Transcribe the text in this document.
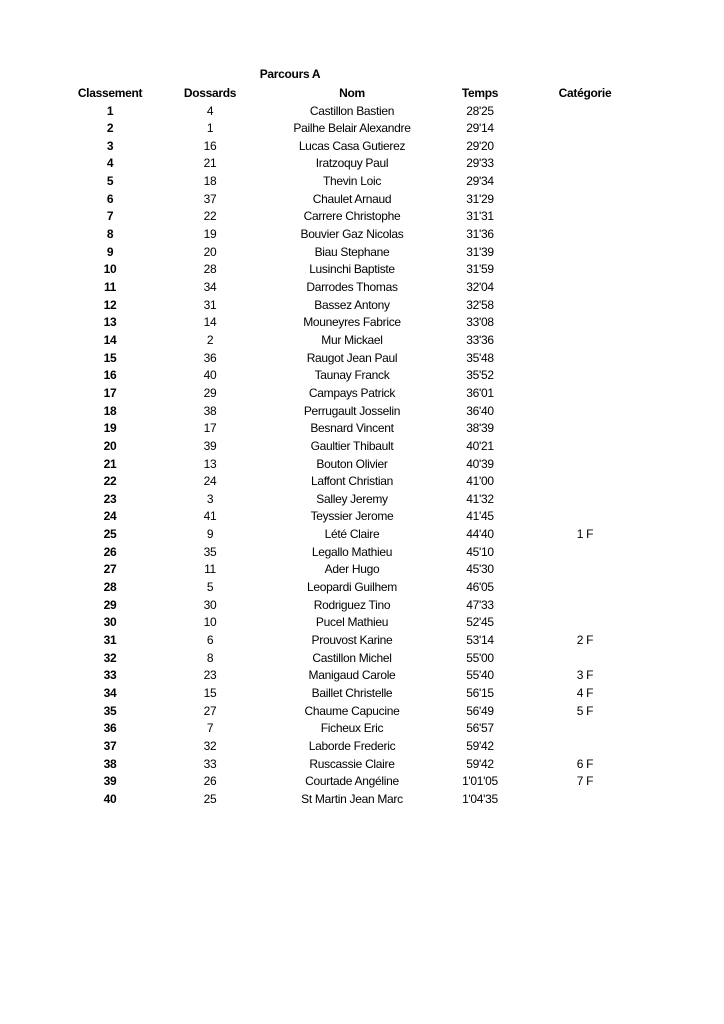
Parcours A
Classement	Dossards	Nom	Temps	Catégorie
1	4	Castillon Bastien	28'25
2	1	Pailhe Belair Alexandre	29'14
3	16	Lucas Casa Gutierez	29'20
4	21	Iratzoquy Paul	29'33
5	18	Thevin Loic	29'34
6	37	Chaulet Arnaud	31'29
7	22	Carrere Christophe	31'31
8	19	Bouvier Gaz Nicolas	31'36
9	20	Biau Stephane	31'39
10	28	Lusinchi Baptiste	31'59
11	34	Darrodes Thomas	32'04
12	31	Bassez Antony	32'58
13	14	Mouneyres Fabrice	33'08
14	2	Mur Mickael	33'36
15	36	Raugot Jean Paul	35'48
16	40	Taunay Franck	35'52
17	29	Campays Patrick	36'01
18	38	Perrugault Josselin	36'40
19	17	Besnard Vincent	38'39
20	39	Gaultier Thibault	40'21
21	13	Bouton Olivier	40'39
22	24	Laffont Christian	41'00
23	3	Salley Jeremy	41'32
24	41	Teyssier Jerome	41'45
25	9	Lété Claire	44'40	1 F
26	35	Legallo Mathieu	45'10
27	11	Ader Hugo	45'30
28	5	Leopardi Guilhem	46'05
29	30	Rodriguez Tino	47'33
30	10	Pucel Mathieu	52'45
31	6	Prouvost Karine	53'14	2 F
32	8	Castillon Michel	55'00
33	23	Manigaud Carole	55'40	3 F
34	15	Baillet Christelle	56'15	4 F
35	27	Chaume Capucine	56'49	5 F
36	7	Ficheux Eric	56'57
37	32	Laborde Frederic	59'42
38	33	Ruscassie Claire	59'42	6 F
39	26	Courtade Angéline	1'01'05	7 F
40	25	St Martin Jean Marc	1'04'35
